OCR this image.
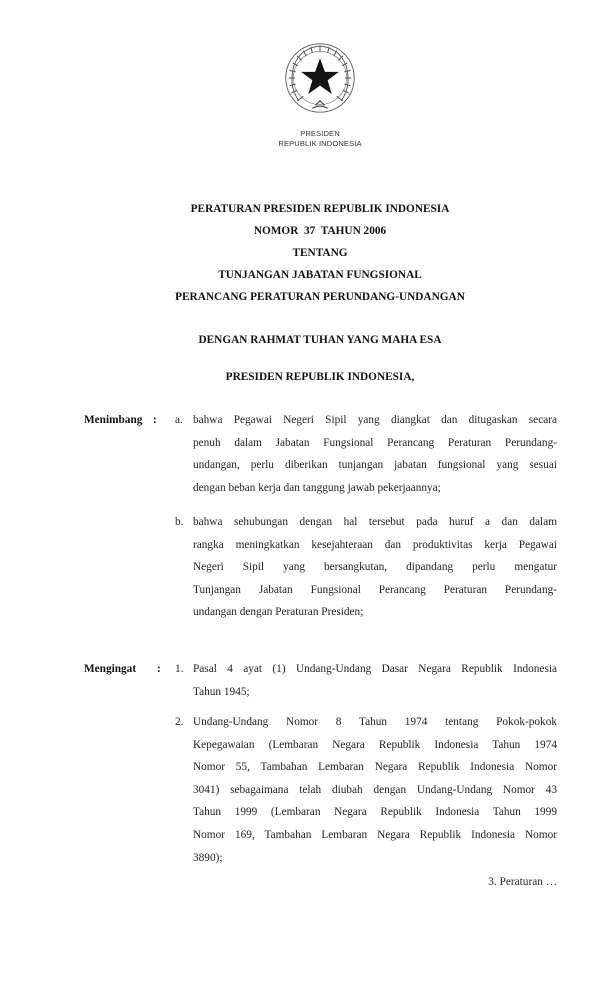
PRESIDEN
REPUBLIK INDONESIA
PERATURAN PRESIDEN REPUBLIK INDONESIA
NOMOR  37  TAHUN 2006
TENTANG
TUNJANGAN JABATAN FUNGSIONAL
PERANCANG PERATURAN PERUNDANG-UNDANGAN
DENGAN RAHMAT TUHAN YANG MAHA ESA
PRESIDEN REPUBLIK INDONESIA,
Menimbang : a. bahwa Pegawai Negeri Sipil yang diangkat dan ditugaskan secara
penuh dalam Jabatan Fungsional Perancang Peraturan Perundang-
undangan, perlu diberikan tunjangan jabatan fungsional yang sesuai
dengan beban kerja dan tanggung jawab pekerjaannya;
b. bahwa sehubungan dengan hal tersebut pada huruf a dan dalam
rangka meningkatkan kesejahteraan dan produktivitas kerja Pegawai
Negeri Sipil yang bersangkutan, dipandang perlu mengatur
Tunjangan Jabatan Fungsional Perancang Peraturan Perundang-
undangan dengan Peraturan Presiden;
Mengingat : 1. Pasal 4 ayat (1) Undang-Undang Dasar Negara Republik Indonesia
Tahun 1945;
2. Undang-Undang Nomor 8 Tahun 1974 tentang Pokok-pokok
Kepegawaian (Lembaran Negara Republik Indonesia Tahun 1974
Nomor 55, Tambahan Lembaran Negara Republik Indonesia Nomor
3041) sebagaimana telah diubah dengan Undang-Undang Nomor 43
Tahun 1999 (Lembaran Negara Republik Indonesia Tahun 1999
Nomor 169, Tambahan Lembaran Negara Republik Indonesia Nomor
3890);
3. Peraturan …
